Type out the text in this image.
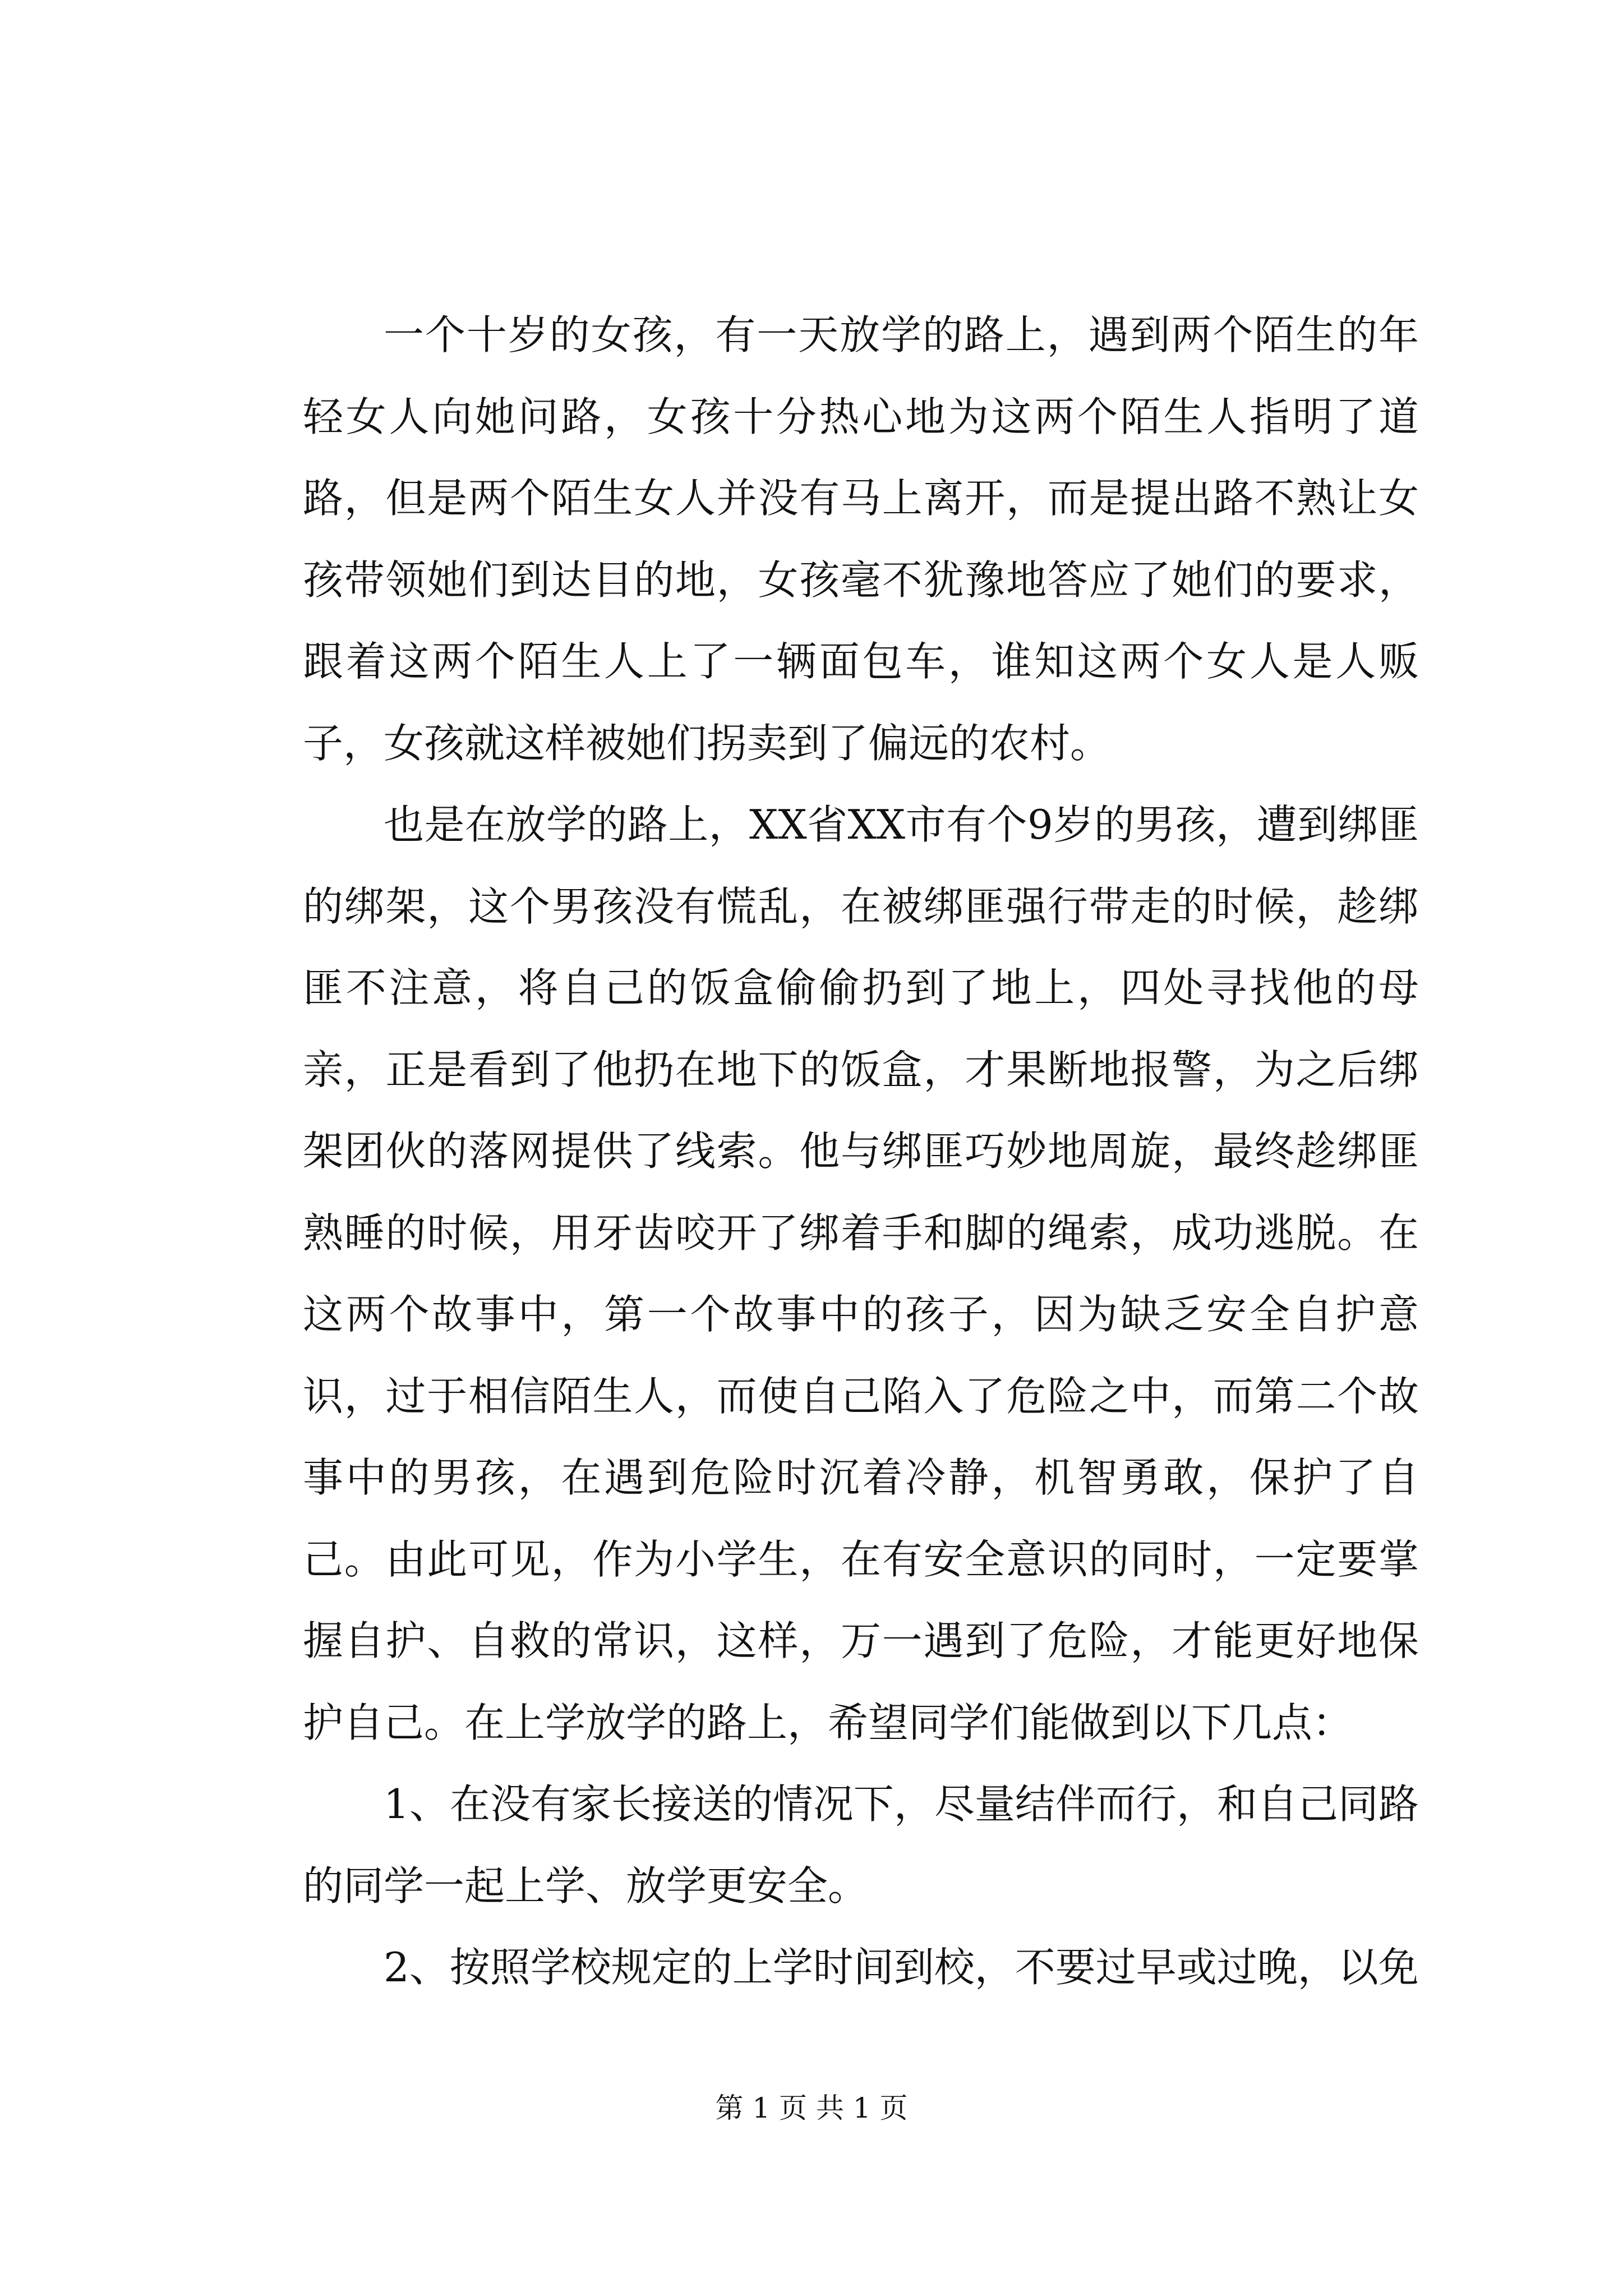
一个十岁的女孩，有一天放学的路上，遇到两个陌生的年轻女人向她问路，女孩十分热心地为这两个陌生人指明了道路，但是两个陌生女人并没有马上离开，而是提出路不熟让女孩带领她们到达目的地，女孩毫不犹豫地答应了她们的要求，跟着这两个陌生人上了一辆面包车，谁知这两个女人是人贩子，女孩就这样被她们拐卖到了偏远的农村。

也是在放学的路上，XX省XX市有个9岁的男孩，遭到绑匪的绑架，这个男孩没有慌乱，在被绑匪强行带走的时候，趁绑匪不注意，将自己的饭盒偷偷扔到了地上，四处寻找他的母亲，正是看到了他扔在地下的饭盒，才果断地报警，为之后绑架团伙的落网提供了线索。他与绑匪巧妙地周旋，最终趁绑匪熟睡的时候，用牙齿咬开了绑着手和脚的绳索，成功逃脱。在这两个故事中，第一个故事中的孩子，因为缺乏安全自护意识，过于相信陌生人，而使自己陷入了危险之中，而第二个故事中的男孩，在遇到危险时沉着冷静，机智勇敢，保护了自己。由此可见，作为小学生，在有安全意识的同时，一定要掌握自护、自救的常识，这样，万一遇到了危险，才能更好地保护自己。在上学放学的路上，希望同学们能做到以下几点：

1、在没有家长接送的情况下，尽量结伴而行，和自己同路的同学一起上学、放学更安全。

2、按照学校规定的上学时间到校，不要过早或过晚，以免

第 1 页 共 1 页
